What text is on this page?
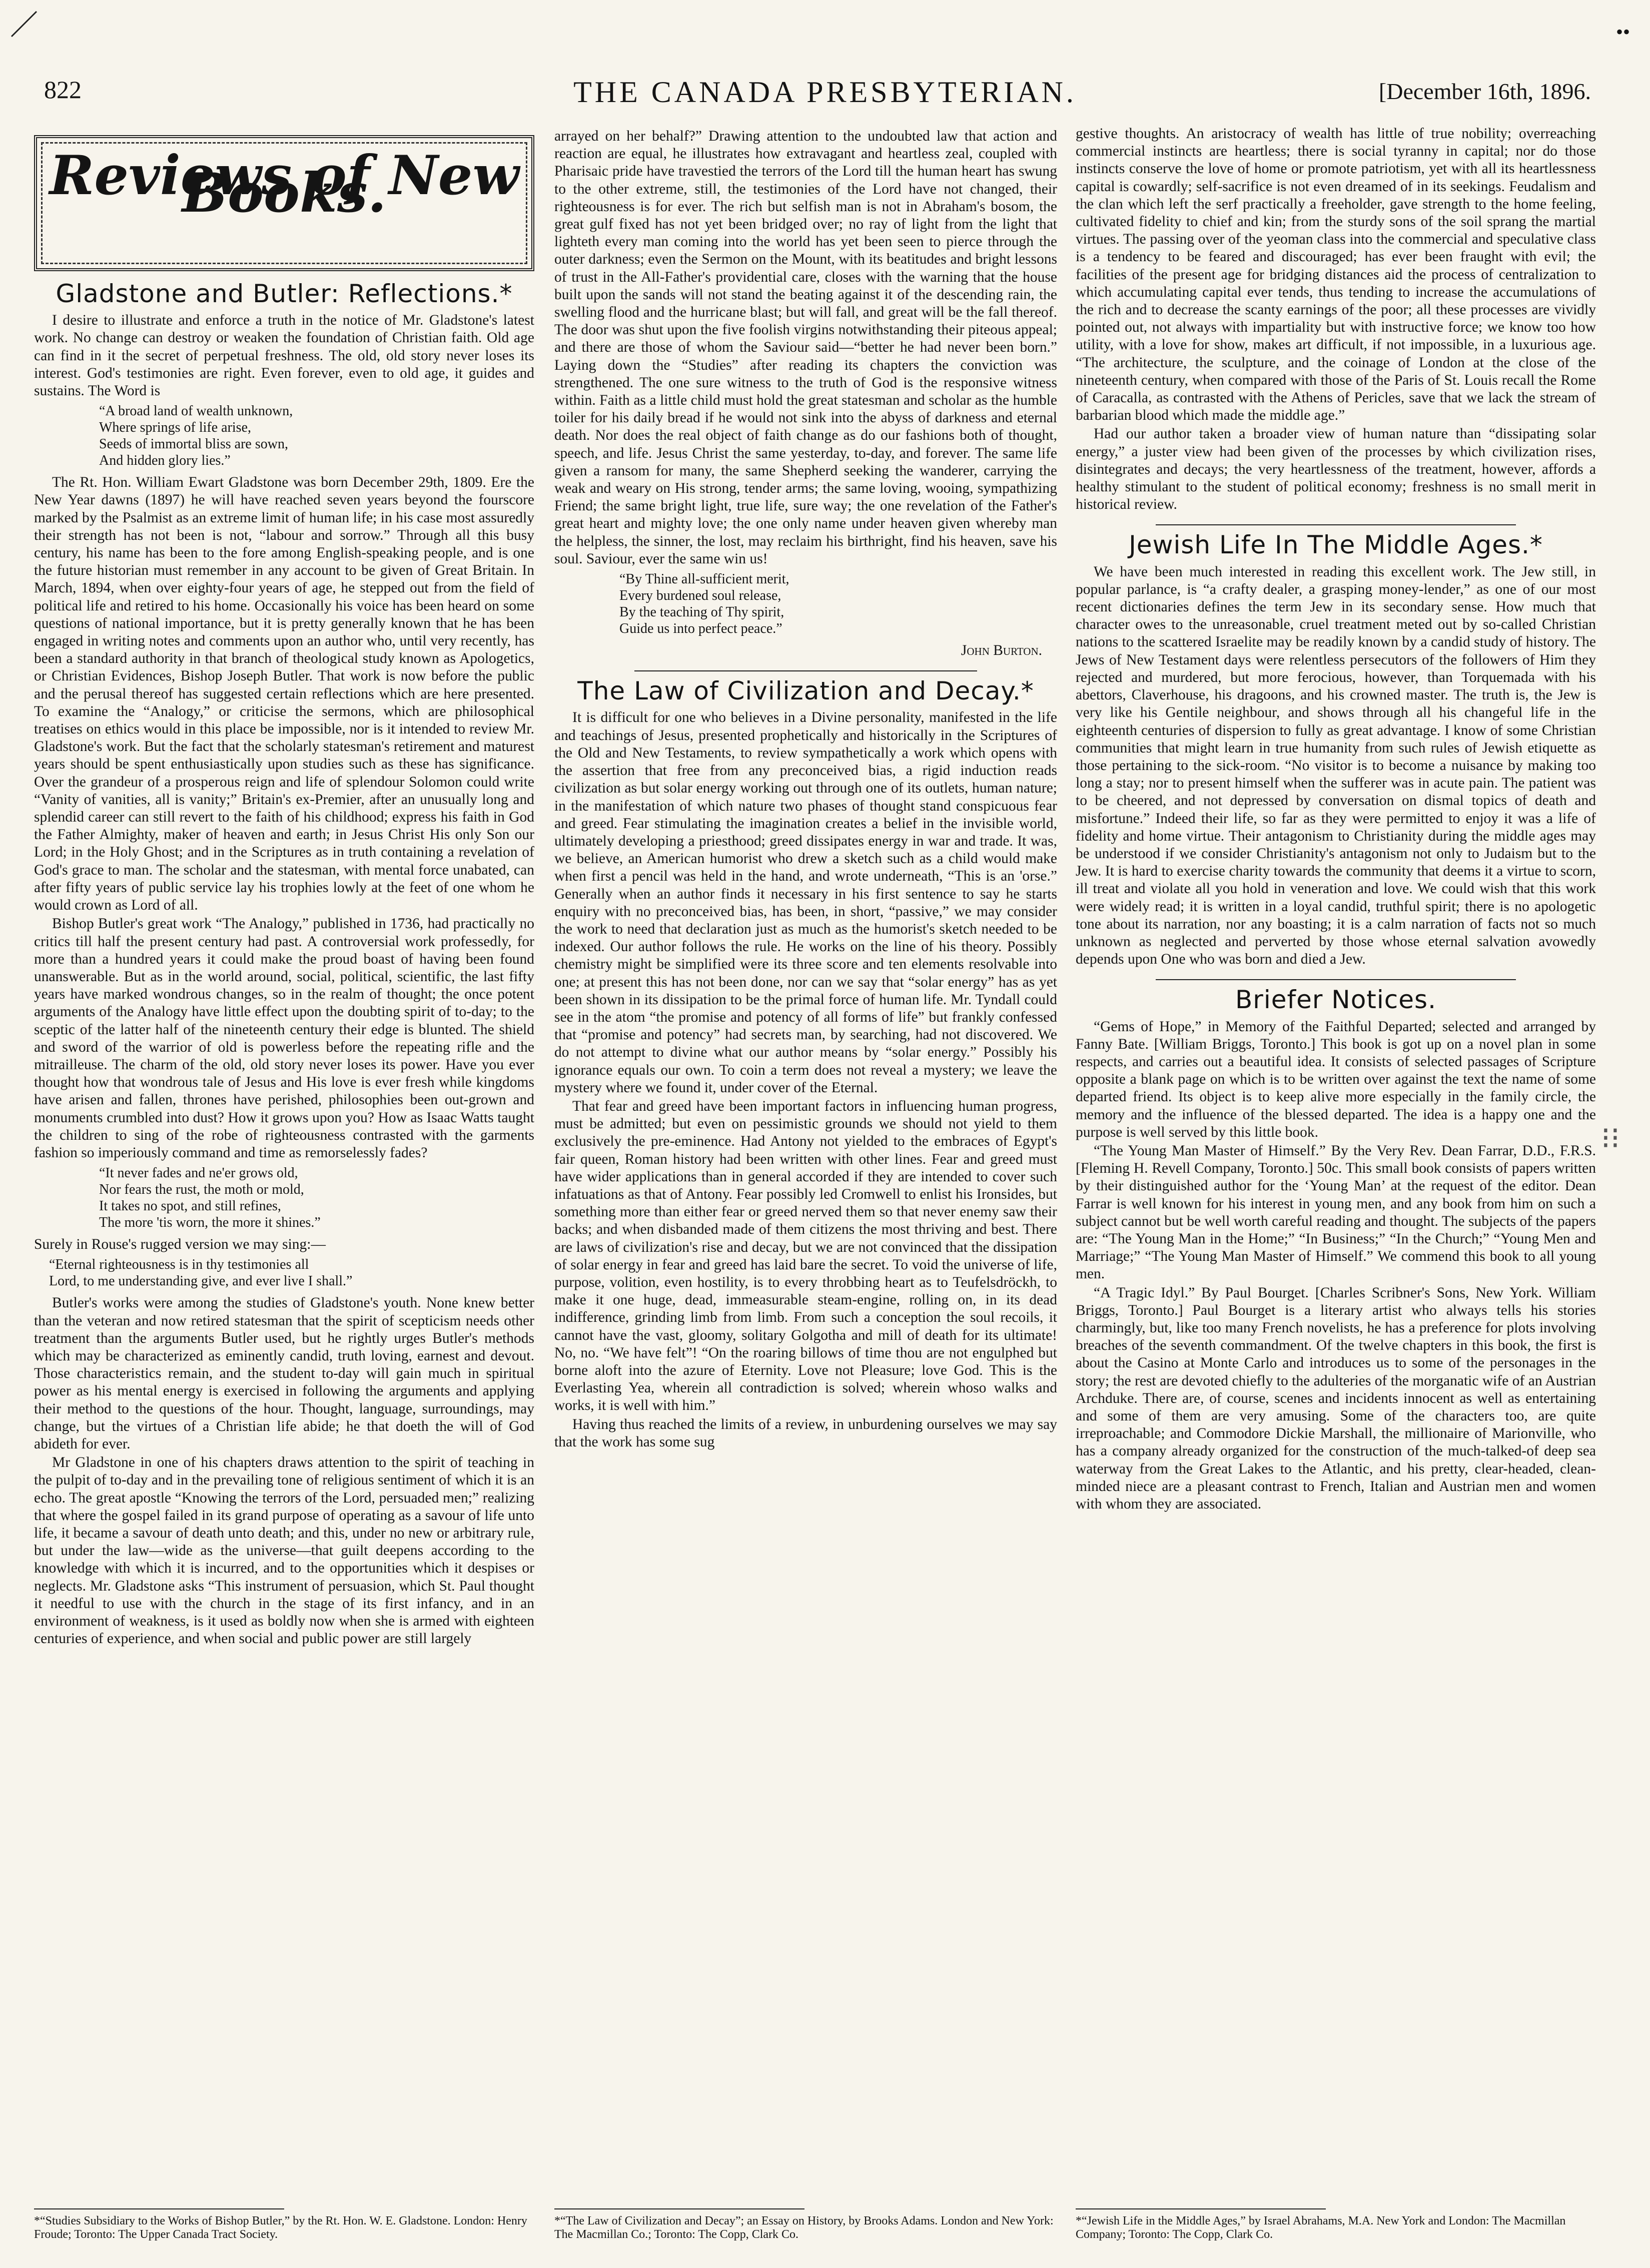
••
⁝⁝
822	THE CANADA PRESBYTERIAN.	[December 16th, 1896.
Reviews of New Books.
Gladstone and Butler: Reflections.*

I desire to illustrate and enforce a truth in the notice of Mr. Gladstone's latest work. No change can destroy or weaken the foundation of Christian faith. Old age can find in it the secret of perpetual freshness. The old, old story never loses its interest. God's testimonies are right. Even forever, even to old age, it guides and sustains. The Word is

“A broad land of wealth unknown,
Where springs of life arise,
Seeds of immortal bliss are sown,
And hidden glory lies.”

The Rt. Hon. William Ewart Gladstone was born December 29th, 1809. Ere the New Year dawns (1897) he will have reached seven years beyond the fourscore marked by the Psalmist as an extreme limit of human life; in his case most assuredly their strength has not been is not, “labour and sorrow.” Through all this busy century, his name has been to the fore among English-speaking people, and is one the future historian must remember in any account to be given of Great Britain. In March, 1894, when over eighty-four years of age, he stepped out from the field of political life and retired to his home. Occasionally his voice has been heard on some questions of national importance, but it is pretty generally known that he has been engaged in writing notes and comments upon an author who, until very recently, has been a standard authority in that branch of theological study known as Apologetics, or Christian Evidences, Bishop Joseph Butler. That work is now before the public and the perusal thereof has suggested certain reflections which are here presented. To examine the “Analogy,” or criticise the sermons, which are philosophical treatises on ethics would in this place be impossible, nor is it intended to review Mr. Gladstone's work. But the fact that the scholarly statesman's retirement and maturest years should be spent enthusiastically upon studies such as these has significance. Over the grandeur of a prosperous reign and life of splendour Solomon could write “Vanity of vanities, all is vanity;” Britain's ex-Premier, after an unusually long and splendid career can still revert to the faith of his childhood; express his faith in God the Father Almighty, maker of heaven and earth; in Jesus Christ His only Son our Lord; in the Holy Ghost; and in the Scriptures as in truth containing a revelation of God's grace to man. The scholar and the statesman, with mental force unabated, can after fifty years of public service lay his trophies lowly at the feet of one whom he would crown as Lord of all.

Bishop Butler's great work “The Analogy,” published in 1736, had practically no critics till half the present century had past. A controversial work professedly, for more than a hundred years it could make the proud boast of having been found unanswerable. But as in the world around, social, political, scientific, the last fifty years have marked wondrous changes, so in the realm of thought; the once potent arguments of the Analogy have little effect upon the doubting spirit of to-day; to the sceptic of the latter half of the nineteenth century their edge is blunted. The shield and sword of the warrior of old is powerless before the repeating rifle and the mitrailleuse. The charm of the old, old story never loses its power. Have you ever thought how that wondrous tale of Jesus and His love is ever fresh while kingdoms have arisen and fallen, thrones have perished, philosophies been out-grown and monuments crumbled into dust? How it grows upon you? How as Isaac Watts taught the children to sing of the robe of righteousness contrasted with the garments fashion so imperiously command and time as remorselessly fades?

“It never fades and ne'er grows old,
Nor fears the rust, the moth or mold,
It takes no spot, and still refines,
The more 'tis worn, the more it shines.”

Surely in Rouse's rugged version we may sing:—

“Eternal righteousness is in thy testimonies all
Lord, to me understanding give, and ever live I shall.”

Butler's works were among the studies of Gladstone's youth. None knew better than the veteran and now retired statesman that the spirit of scepticism needs other treatment than the arguments Butler used, but he rightly urges Butler's methods which may be characterized as eminently candid, truth loving, earnest and devout. Those characteristics remain, and the student to-day will gain much in spiritual power as his mental energy is exercised in following the arguments and applying their method to the questions of the hour. Thought, language, surroundings, may change, but the virtues of a Christian life abide; he that doeth the will of God abideth for ever.

Mr Gladstone in one of his chapters draws attention to the spirit of teaching in the pulpit of to-day and in the prevailing tone of religious sentiment of which it is an echo. The great apostle “Knowing the terrors of the Lord, persuaded men;” realizing that where the gospel failed in its grand purpose of operating as a savour of life unto life, it became a savour of death unto death; and this, under no new or arbitrary rule, but under the law—wide as the universe—that guilt deepens according to the knowledge with which it is incurred, and to the opportunities which it despises or neglects. Mr. Gladstone asks “This instrument of persuasion, which St. Paul thought it needful to use with the church in the stage of its first infancy, and in an environment of weakness, is it used as boldly now when she is armed with eighteen centuries of experience, and when social and public power are still largely

arrayed on her behalf?” Drawing attention to the undoubted law that action and reaction are equal, he illustrates how extravagant and heartless zeal, coupled with Pharisaic pride have travestied the terrors of the Lord till the human heart has swung to the other extreme, still, the testimonies of the Lord have not changed, their righteousness is for ever. The rich but selfish man is not in Abraham's bosom, the great gulf fixed has not yet been bridged over; no ray of light from the light that lighteth every man coming into the world has yet been seen to pierce through the outer darkness; even the Sermon on the Mount, with its beatitudes and bright lessons of trust in the All-Father's providential care, closes with the warning that the house built upon the sands will not stand the beating against it of the descending rain, the swelling flood and the hurricane blast; but will fall, and great will be the fall thereof. The door was shut upon the five foolish virgins notwithstanding their piteous appeal; and there are those of whom the Saviour said—“better he had never been born.” Laying down the “Studies” after reading its chapters the conviction was strengthened. The one sure witness to the truth of God is the responsive witness within. Faith as a little child must hold the great statesman and scholar as the humble toiler for his daily bread if he would not sink into the abyss of darkness and eternal death. Nor does the real object of faith change as do our fashions both of thought, speech, and life. Jesus Christ the same yesterday, to-day, and forever. The same life given a ransom for many, the same Shepherd seeking the wanderer, carrying the weak and weary on His strong, tender arms; the same loving, wooing, sympathizing Friend; the same bright light, true life, sure way; the one revelation of the Father's great heart and mighty love; the one only name under heaven given whereby man the helpless, the sinner, the lost, may reclaim his birthright, find his heaven, save his soul. Saviour, ever the same win us!

“By Thine all-sufficient merit,
Every burdened soul release,
By the teaching of Thy spirit,
Guide us into perfect peace.”
John Burton.
The Law of Civilization and Decay.*

It is difficult for one who believes in a Divine personality, manifested in the life and teachings of Jesus, presented prophetically and historically in the Scriptures of the Old and New Testaments, to review sympathetically a work which opens with the assertion that free from any preconceived bias, a rigid induction reads civilization as but solar energy working out through one of its outlets, human nature; in the manifestation of which nature two phases of thought stand conspicuous fear and greed. Fear stimulating the imagination creates a belief in the invisible world, ultimately developing a priesthood; greed dissipates energy in war and trade. It was, we believe, an American humorist who drew a sketch such as a child would make when first a pencil was held in the hand, and wrote underneath, “This is an 'orse.” Generally when an author finds it necessary in his first sentence to say he starts enquiry with no preconceived bias, has been, in short, “passive,” we may consider the work to need that declaration just as much as the humorist's sketch needed to be indexed. Our author follows the rule. He works on the line of his theory. Possibly chemistry might be simplified were its three score and ten elements resolvable into one; at present this has not been done, nor can we say that “solar energy” has as yet been shown in its dissipation to be the primal force of human life. Mr. Tyndall could see in the atom “the promise and potency of all forms of life” but frankly confessed that “promise and potency” had secrets man, by searching, had not discovered. We do not attempt to divine what our author means by “solar energy.” Possibly his ignorance equals our own. To coin a term does not reveal a mystery; we leave the mystery where we found it, under cover of the Eternal.

That fear and greed have been important factors in influencing human progress, must be admitted; but even on pessimistic grounds we should not yield to them exclusively the pre-eminence. Had Antony not yielded to the embraces of Egypt's fair queen, Roman history had been written with other lines. Fear and greed must have wider applications than in general accorded if they are intended to cover such infatuations as that of Antony. Fear possibly led Cromwell to enlist his Ironsides, but something more than either fear or greed nerved them so that never enemy saw their backs; and when disbanded made of them citizens the most thriving and best. There are laws of civilization's rise and decay, but we are not convinced that the dissipation of solar energy in fear and greed has laid bare the secret. To void the universe of life, purpose, volition, even hostility, is to every throbbing heart as to Teufelsdröckh, to make it one huge, dead, immeasurable steam-engine, rolling on, in its dead indifference, grinding limb from limb. From such a conception the soul recoils, it cannot have the vast, gloomy, solitary Golgotha and mill of death for its ultimate! No, no. “We have felt”! “On the roaring billows of time thou are not engulphed but borne aloft into the azure of Eternity. Love not Pleasure; love God. This is the Everlasting Yea, wherein all contradiction is solved; wherein whoso walks and works, it is well with him.”

Having thus reached the limits of a review, in unburdening ourselves we may say that the work has some sug

gestive thoughts. An aristocracy of wealth has little of true nobility; overreaching commercial instincts are heartless; there is social tyranny in capital; nor do those instincts conserve the love of home or promote patriotism, yet with all its heartlessness capital is cowardly; self-sacrifice is not even dreamed of in its seekings. Feudalism and the clan which left the serf practically a freeholder, gave strength to the home feeling, cultivated fidelity to chief and kin; from the sturdy sons of the soil sprang the martial virtues. The passing over of the yeoman class into the commercial and speculative class is a tendency to be feared and discouraged; has ever been fraught with evil; the facilities of the present age for bridging distances aid the process of centralization to which accumulating capital ever tends, thus tending to increase the accumulations of the rich and to decrease the scanty earnings of the poor; all these processes are vividly pointed out, not always with impartiality but with instructive force; we know too how utility, with a love for show, makes art difficult, if not impossible, in a luxurious age. “The architecture, the sculpture, and the coinage of London at the close of the nineteenth century, when compared with those of the Paris of St. Louis recall the Rome of Caracalla, as contrasted with the Athens of Pericles, save that we lack the stream of barbarian blood which made the middle age.”

Had our author taken a broader view of human nature than “dissipating solar energy,” a juster view had been given of the processes by which civilization rises, disintegrates and decays; the very heartlessness of the treatment, however, affords a healthy stimulant to the student of political economy; freshness is no small merit in historical review.

Jewish Life In The Middle Ages.*

We have been much interested in reading this excellent work. The Jew still, in popular parlance, is “a crafty dealer, a grasping money-lender,” as one of our most recent dictionaries defines the term Jew in its secondary sense. How much that character owes to the unreasonable, cruel treatment meted out by so-called Christian nations to the scattered Israelite may be readily known by a candid study of history. The Jews of New Testament days were relentless persecutors of the followers of Him they rejected and murdered, but more ferocious, however, than Torquemada with his abettors, Claverhouse, his dragoons, and his crowned master. The truth is, the Jew is very like his Gentile neighbour, and shows through all his changeful life in the eighteenth centuries of dispersion to fully as great advantage. I know of some Christian communities that might learn in true humanity from such rules of Jewish etiquette as those pertaining to the sick-room. “No visitor is to become a nuisance by making too long a stay; nor to present himself when the sufferer was in acute pain. The patient was to be cheered, and not depressed by conversation on dismal topics of death and misfortune.” Indeed their life, so far as they were permitted to enjoy it was a life of fidelity and home virtue. Their antagonism to Christianity during the middle ages may be understood if we consider Christianity's antagonism not only to Judaism but to the Jew. It is hard to exercise charity towards the community that deems it a virtue to scorn, ill treat and violate all you hold in veneration and love. We could wish that this work were widely read; it is written in a loyal candid, truthful spirit; there is no apologetic tone about its narration, nor any boasting; it is a calm narration of facts not so much unknown as neglected and perverted by those whose eternal salvation avowedly depends upon One who was born and died a Jew.

Briefer Notices.

“Gems of Hope,” in Memory of the Faithful Departed; selected and arranged by Fanny Bate. [William Briggs, Toronto.] This book is got up on a novel plan in some respects, and carries out a beautiful idea. It consists of selected passages of Scripture opposite a blank page on which is to be written over against the text the name of some departed friend. Its object is to keep alive more especially in the family circle, the memory and the influence of the blessed departed. The idea is a happy one and the purpose is well served by this little book.

“The Young Man Master of Himself.” By the Very Rev. Dean Farrar, D.D., F.R.S. [Fleming H. Revell Company, Toronto.] 50c. This small book consists of papers written by their distinguished author for the ‘Young Man’ at the request of the editor. Dean Farrar is well known for his interest in young men, and any book from him on such a subject cannot but be well worth careful reading and thought. The subjects of the papers are: “The Young Man in the Home;” “In Business;” “In the Church;” “Young Men and Marriage;” “The Young Man Master of Himself.” We commend this book to all young men.

“A Tragic Idyl.” By Paul Bourget. [Charles Scribner's Sons, New York. William Briggs, Toronto.] Paul Bourget is a literary artist who always tells his stories charmingly, but, like too many French novelists, he has a preference for plots involving breaches of the seventh commandment. Of the twelve chapters in this book, the first is about the Casino at Monte Carlo and introduces us to some of the personages in the story; the rest are devoted chiefly to the adulteries of the morganatic wife of an Austrian Archduke. There are, of course, scenes and incidents innocent as well as entertaining and some of them are very amusing. Some of the characters too, are quite irreproachable; and Commodore Dickie Marshall, the millionaire of Marionville, who has a company already organized for the construction of the much-talked-of deep sea waterway from the Great Lakes to the Atlantic, and his pretty, clear-headed, clean-minded niece are a pleasant contrast to French, Italian and Austrian men and women with whom they are associated.

*“Studies Subsidiary to the Works of Bishop Butler,” by the Rt. Hon. W. E. Gladstone. London: Henry Froude; Toronto: The Upper Canada Tract Society.
*“The Law of Civilization and Decay”; an Essay on History, by Brooks Adams. London and New York: The Macmillan Co.; Toronto: The Copp, Clark Co.
*“Jewish Life in the Middle Ages,” by Israel Abrahams, M.A. New York and London: The Macmillan Company; Toronto: The Copp, Clark Co.
